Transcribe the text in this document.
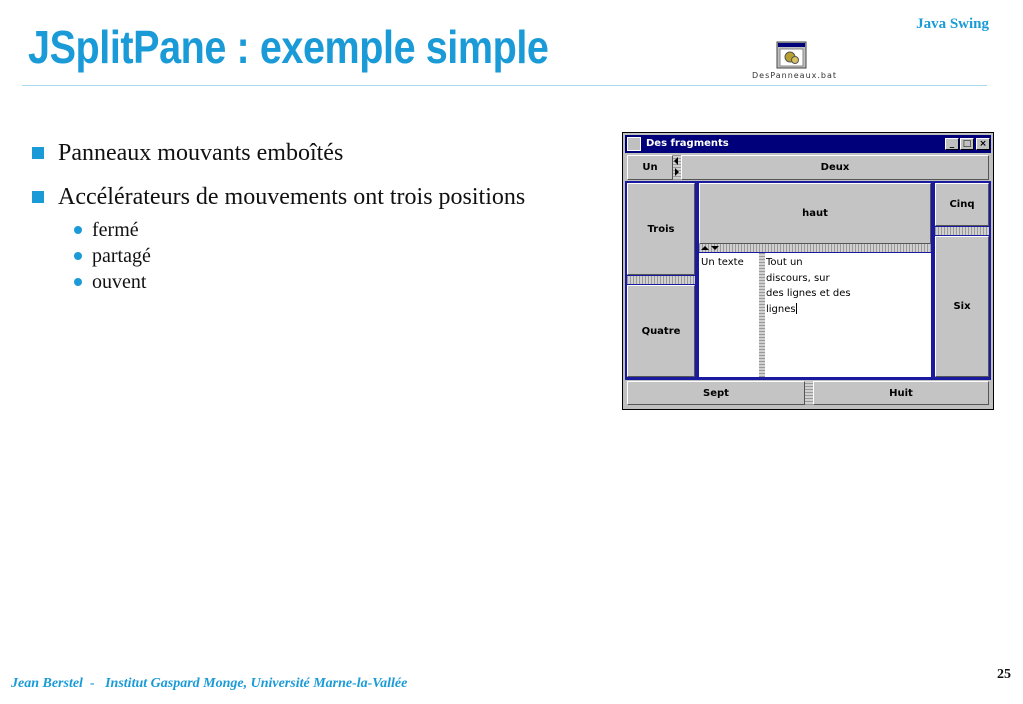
JSplitPane : exemple simple	Java Swing
DesPanneaux.bat
Panneaux mouvants emboîtés
Accélérateurs de mouvements ont trois positions
fermé
partagé
ouvent
Des fragments	_ □ ×
Un	Deux
Trois
Quatre
haut
Un texte	Tout un
discours, sur
des lignes et des
lignes
Cinq
Six
Sept	Huit
Jean Berstel  -   Institut Gaspard Monge, Université Marne-la-Vallée
25
